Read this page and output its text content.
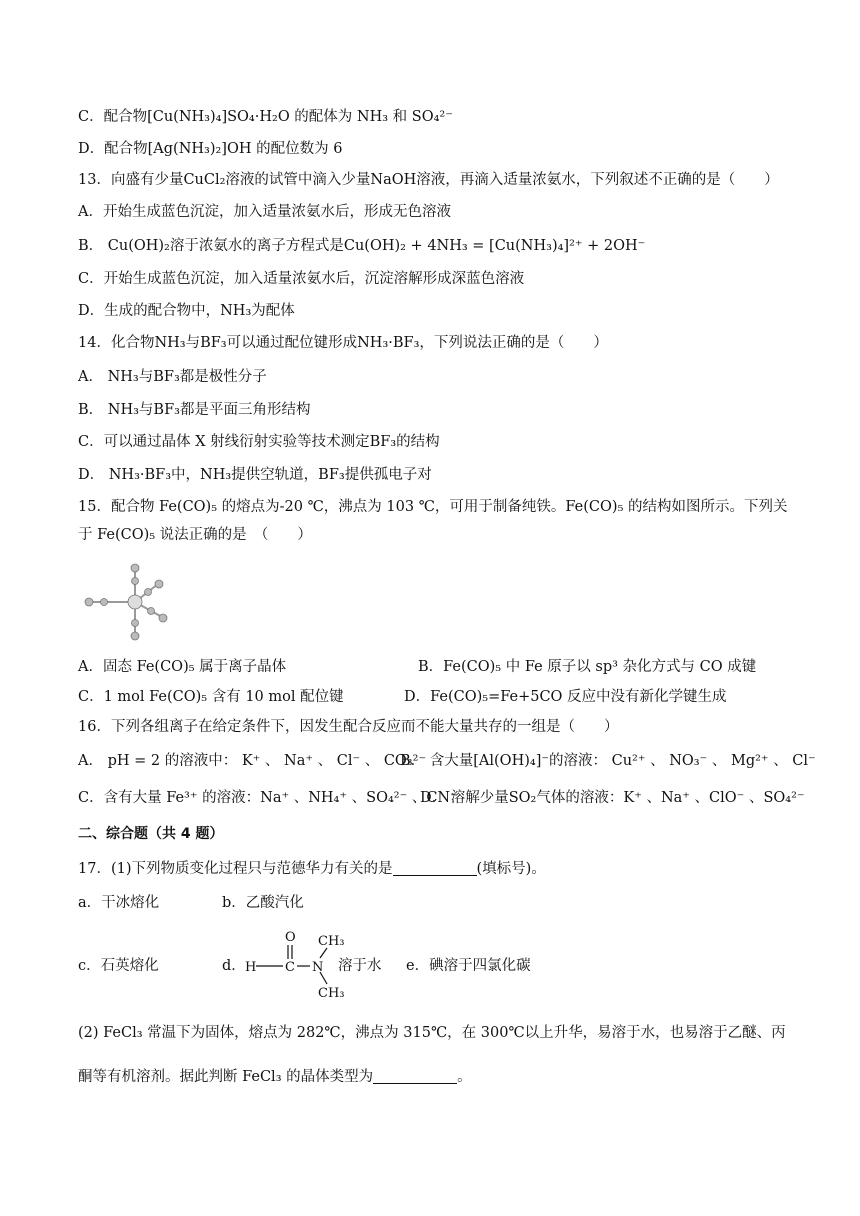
C．配合物[Cu(NH₃)₄]SO₄·H₂O 的配体为 NH₃ 和 SO₄²⁻
D．配合物[Ag(NH₃)₂]OH 的配位数为 6
13．向盛有少量CuCl₂溶液的试管中滴入少量NaOH溶液，再滴入适量浓氨水，下列叙述不正确的是（　　）
A．开始生成蓝色沉淀，加入适量浓氨水后，形成无色溶液
B． Cu(OH)₂溶于浓氨水的离子方程式是Cu(OH)₂ + 4NH₃ = [Cu(NH₃)₄]²⁺ + 2OH⁻
C．开始生成蓝色沉淀，加入适量浓氨水后，沉淀溶解形成深蓝色溶液
D．生成的配合物中，NH₃为配体
14．化合物NH₃与BF₃可以通过配位键形成NH₃·BF₃，下列说法正确的是（　　）
A． NH₃与BF₃都是极性分子
B． NH₃与BF₃都是平面三角形结构
C．可以通过晶体 X 射线衍射实验等技术测定BF₃的结构
D． NH₃·BF₃中，NH₃提供空轨道，BF₃提供孤电子对
15．配合物 Fe(CO)₅ 的熔点为-20 ℃，沸点为 103 ℃，可用于制备纯铁。Fe(CO)₅ 的结构如图所示。下列关
于 Fe(CO)₅ 说法正确的是　（　　）
A．固态 Fe(CO)₅ 属于离子晶体	B．Fe(CO)₅ 中 Fe 原子以 sp³ 杂化方式与 CO 成键
C．1 mol Fe(CO)₅ 含有 10 mol 配位键	D．Fe(CO)₅=Fe+5CO 反应中没有新化学键生成
16．下列各组离子在给定条件下，因发生配合反应而不能大量共存的一组是（　　）
A． pH = 2 的溶液中： K⁺ 、 Na⁺ 、 Cl⁻ 、 CO₃²⁻
B． 含大量[Al(OH)₄]⁻的溶液： Cu²⁺ 、 NO₃⁻ 、 Mg²⁺ 、 Cl⁻
C．含有大量 Fe³⁺ 的溶液：Na⁺ 、NH₄⁺ 、SO₄²⁻ 、CN⁻
D． 溶解少量SO₂气体的溶液：K⁺ 、Na⁺ 、ClO⁻ 、SO₄²⁻
二、综合题（共 4 题）
17．(1)下列物质变化过程只与范德华力有关的是	(填标号)。
a．干冰熔化	b．乙酸汽化
c．石英熔化	d．
O
H C N
CH₃
CH₃
溶于水 e．碘溶于四氯化碳
(2) FeCl₃ 常温下为固体，熔点为 282℃，沸点为 315℃，在 300℃以上升华，易溶于水，也易溶于乙醚、丙
酮等有机溶剂。据此判断 FeCl₃ 的晶体类型为	。
